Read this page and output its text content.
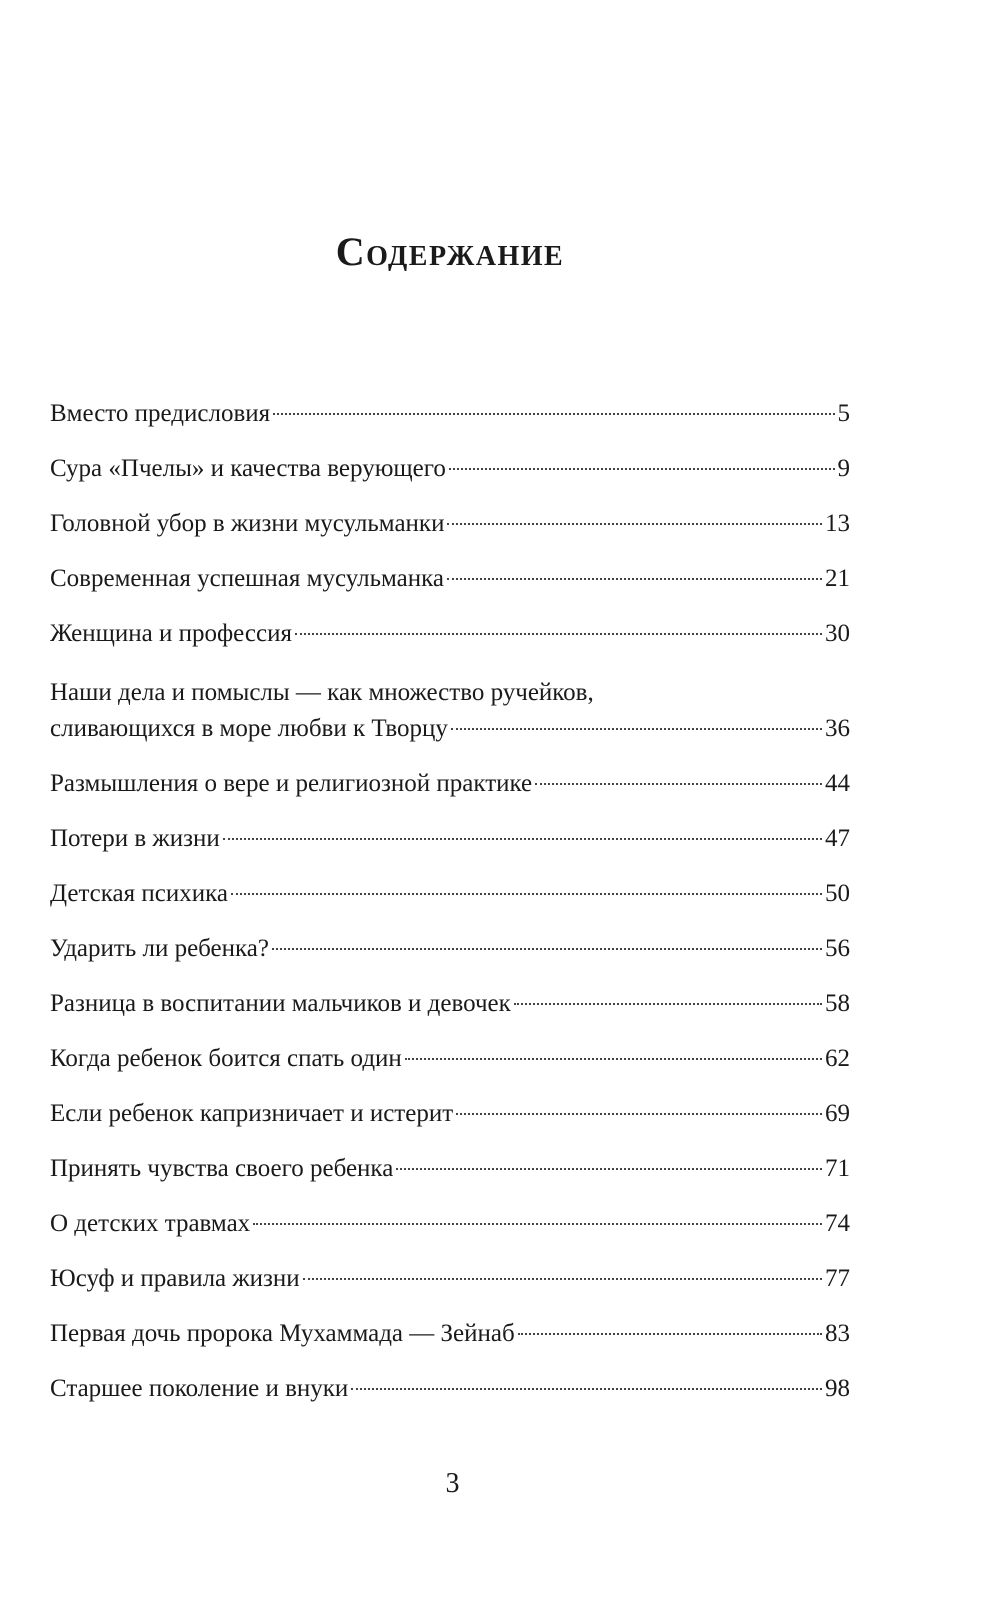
Содержание
Вместо предисловия	5
Сура «Пчелы» и качества верующего	9
Головной убор в жизни мусульманки	13
Современная успешная мусульманка	21
Женщина и профессия	30
Наши дела и помыслы — как множество ручейков,
сливающихся в море любви к Творцу	36
Размышления о вере и религиозной практике	44
Потери в жизни	47
Детская психика	50
Ударить ли ребенка?	56
Разница в воспитании мальчиков и девочек	58
Когда ребенок боится спать один	62
Если ребенок капризничает и истерит	69
Принять чувства своего ребенка	71
О детских травмах	74
Юсуф и правила жизни	77
Первая дочь пророка Мухаммада — Зейнаб	83
Старшее поколение и внуки	98
3
